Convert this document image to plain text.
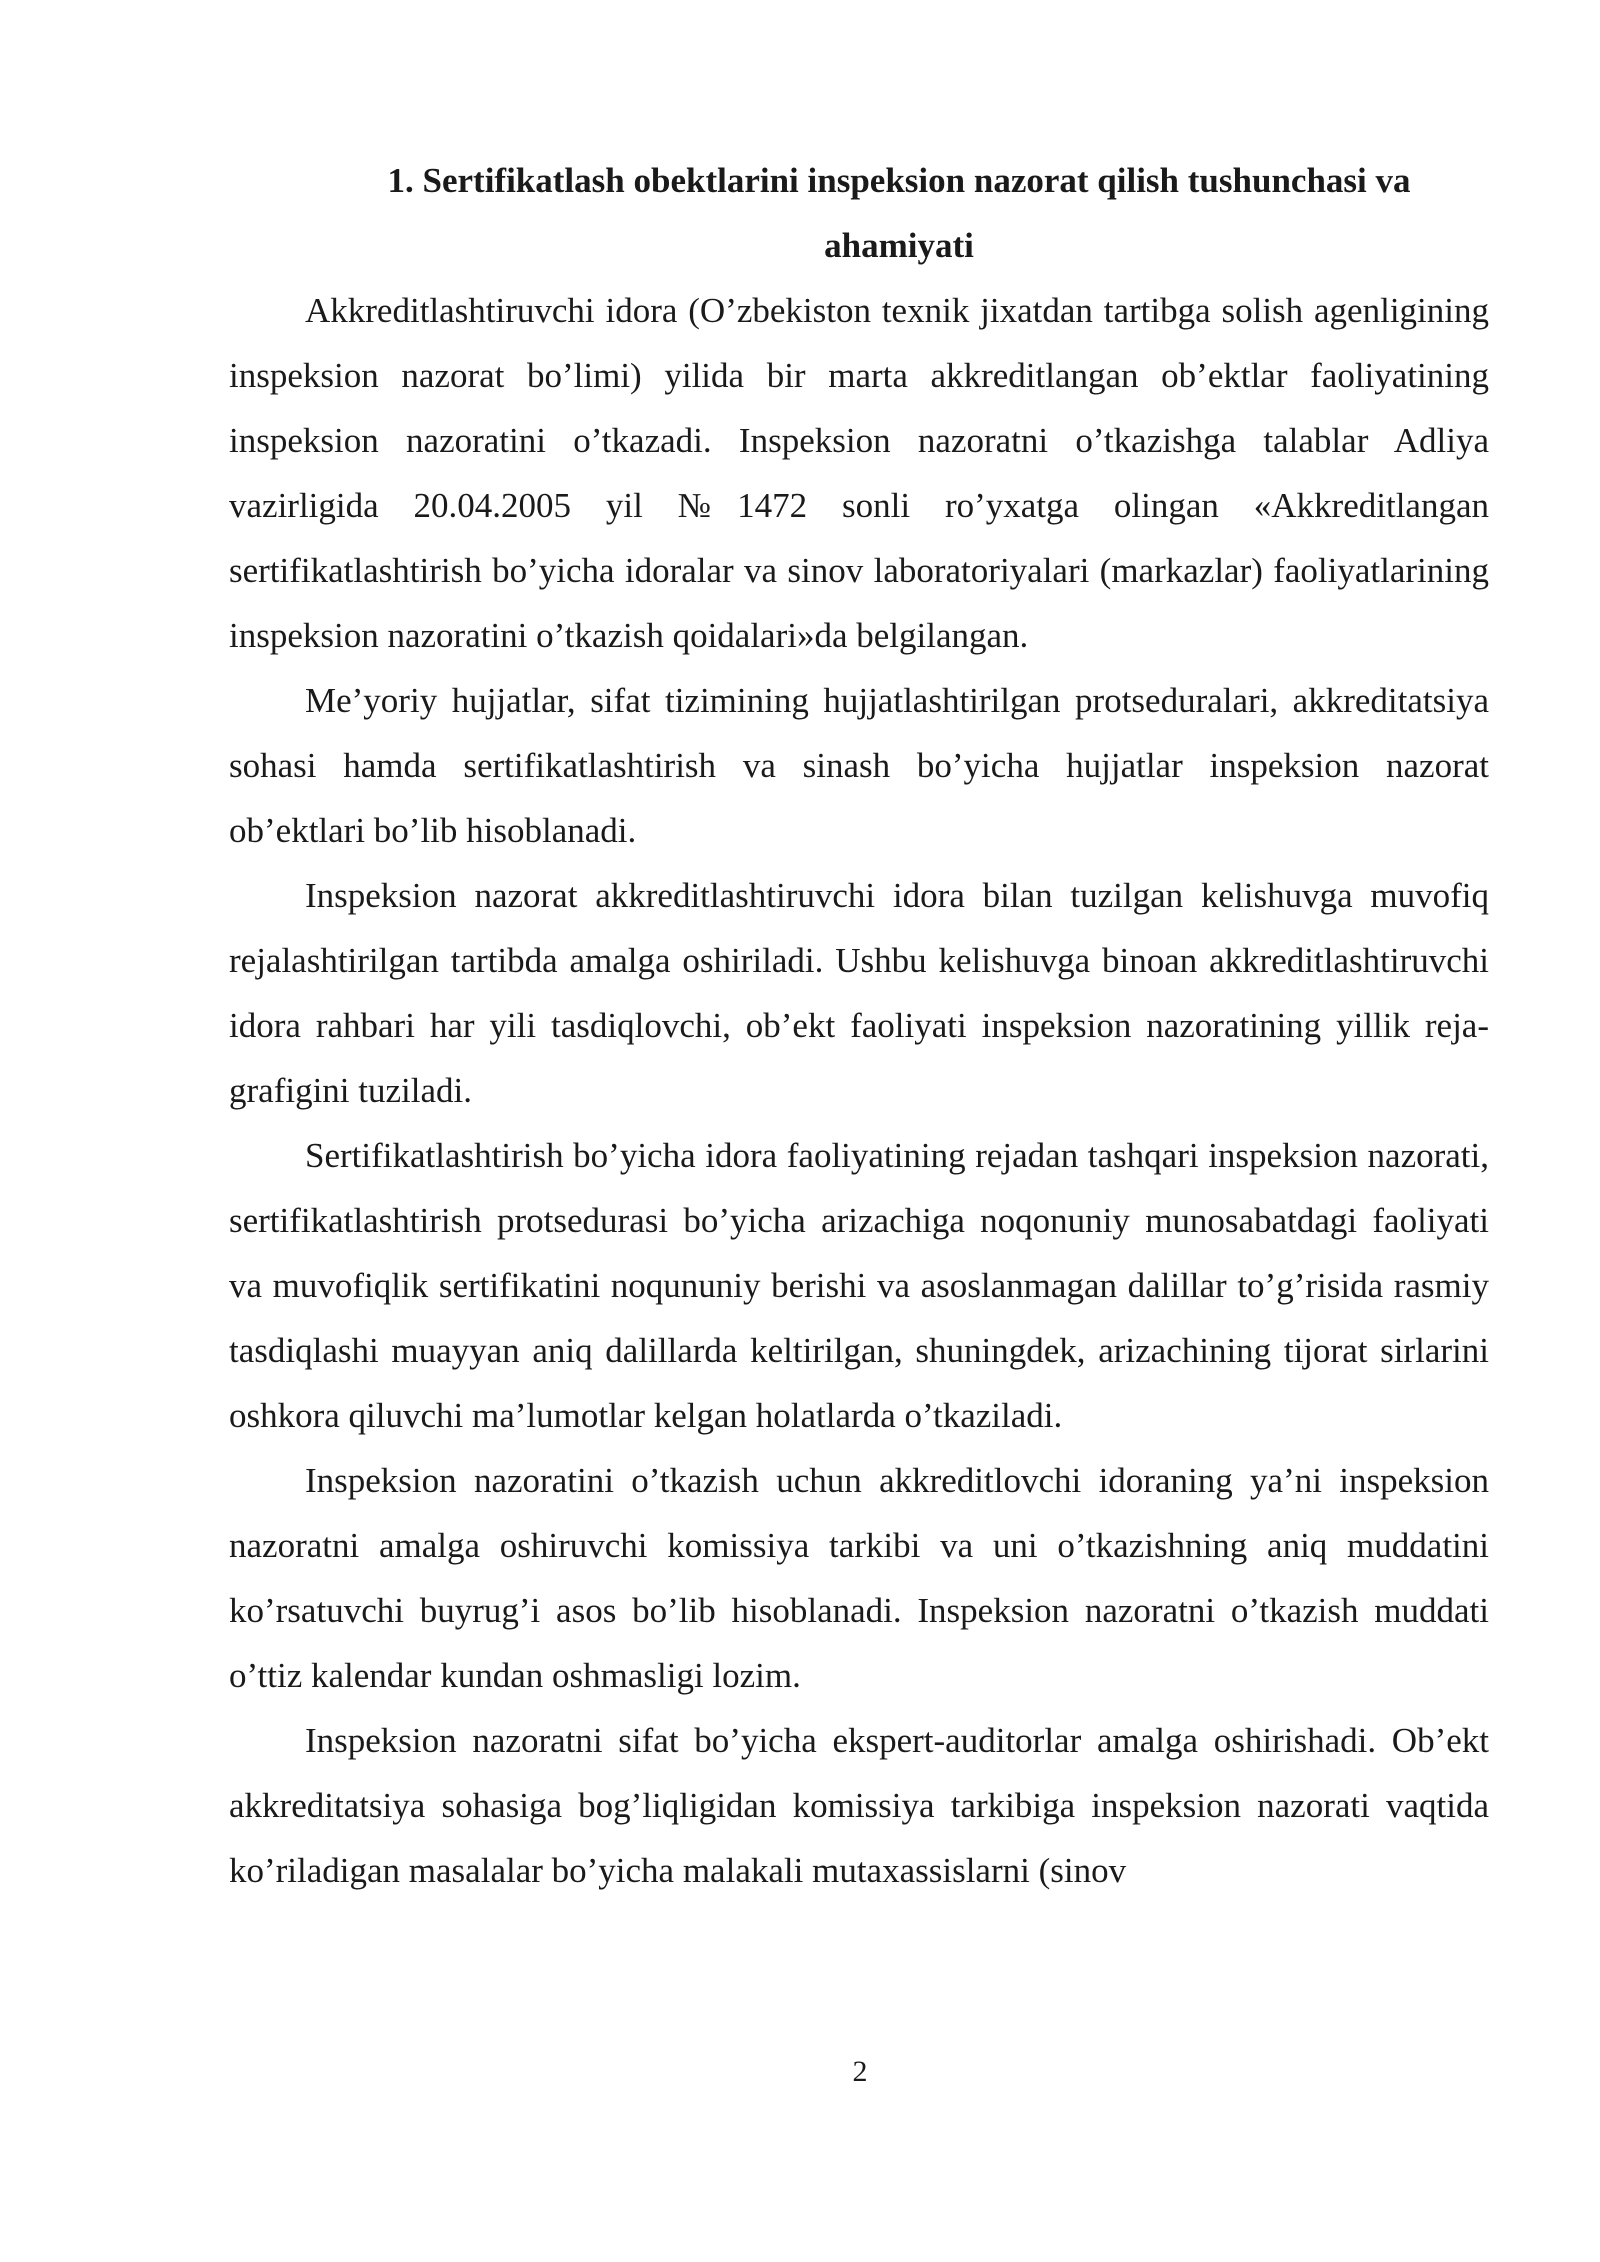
1. Sertifikatlash obektlarini inspeksion nazorat qilish tushunchasi va
ahamiyati

Akkreditlashtiruvchi idora (O’zbekiston texnik jixatdan tartibga solish agenligining inspeksion nazorat bo’limi) yilida bir marta akkreditlangan ob’ektlar faoliyatining inspeksion nazoratini o’tkazadi. Inspeksion nazoratni o’tkazishga talablar Adliya vazirligida 20.04.2005 yil №1472 sonli ro’yxatga olingan «Akkreditlangan sertifikatlashtirish bo’yicha idoralar va sinov laboratoriyalari (markazlar) faoliyatlarining inspeksion nazoratini o’tkazish qoidalari»da belgilangan.

Me’yoriy hujjatlar, sifat tizimining hujjatlashtirilgan protseduralari, akkreditatsiya sohasi hamda sertifikatlashtirish va sinash bo’yicha hujjatlar inspeksion nazorat ob’ektlari bo’lib hisoblanadi.

Inspeksion nazorat akkreditlashtiruvchi idora bilan tuzilgan kelishuvga muvofiq rejalashtirilgan tartibda amalga oshiriladi. Ushbu kelishuvga binoan akkreditlashtiruvchi idora rahbari har yili tasdiqlovchi, ob’ekt faoliyati inspeksion nazoratining yillik reja-grafigini tuziladi.

Sertifikatlashtirish bo’yicha idora faoliyatining rejadan tashqari inspeksion nazorati, sertifikatlashtirish protsedurasi bo’yicha arizachiga noqonuniy munosabatdagi faoliyati va muvofiqlik sertifikatini noqununiy berishi va asoslanmagan dalillar to’g’risida rasmiy tasdiqlashi muayyan aniq dalillarda keltirilgan, shuningdek, arizachining tijorat sirlarini oshkora qiluvchi ma’lumotlar kelgan holatlarda o’tkaziladi.

Inspeksion nazoratini o’tkazish uchun akkreditlovchi idoraning ya’ni inspeksion nazoratni amalga oshiruvchi komissiya tarkibi va uni o’tkazishning aniq muddatini ko’rsatuvchi buyrug’i asos bo’lib hisoblanadi. Inspeksion nazoratni o’tkazish muddati o’ttiz kalendar kundan oshmasligi lozim.

Inspeksion nazoratni sifat bo’yicha ekspert-auditorlar amalga oshirishadi. Ob’ekt akkreditatsiya sohasiga bog’liqligidan komissiya tarkibiga inspeksion nazorati vaqtida ko’riladigan masalalar bo’yicha malakali mutaxassislarni (sinov

2
